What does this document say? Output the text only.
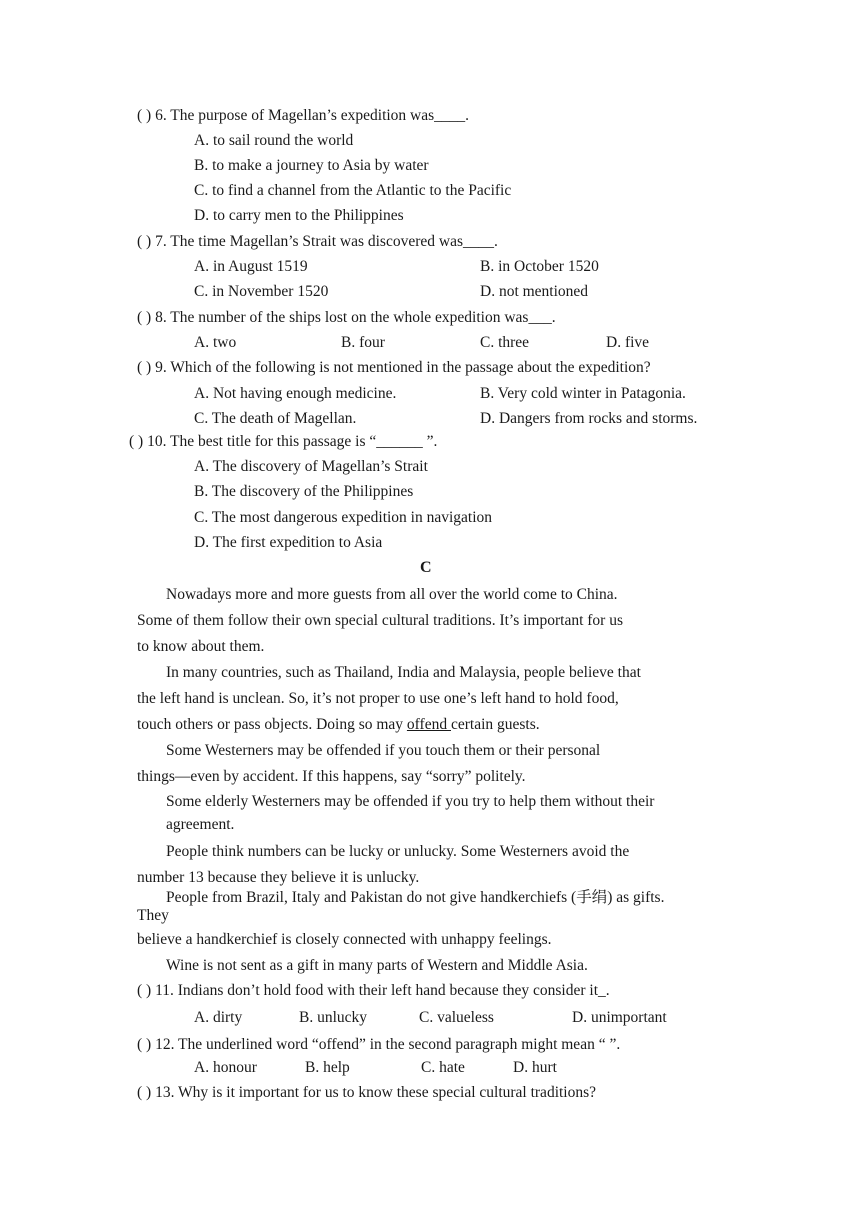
( ) 6. The purpose of Magellan’s expedition was____.
A. to sail round the world
B. to make a journey to Asia by water
C. to find a channel from the Atlantic to the Pacific
D. to carry men to the Philippines
( ) 7. The time Magellan’s Strait was discovered was____.
A. in August 1519	B. in October 1520
C. in November 1520	D. not mentioned
( ) 8. The number of the ships lost on the whole expedition was___.
A. two	B. four	C. three	D. five
( ) 9. Which of the following is not mentioned in the passage about the expedition?
A. Not having enough medicine.	B. Very cold winter in Patagonia.
C. The death of Magellan.	D. Dangers from rocks and storms.
( ) 10. The best title for this passage is “______ ”.
A. The discovery of Magellan’s Strait
B. The discovery of the Philippines
C. The most dangerous expedition in navigation
D. The first expedition to Asia
C
Nowadays more and more guests from all over the world come to China.
Some of them follow their own special cultural traditions. It’s important for us
to know about them.
In many countries, such as Thailand, India and Malaysia, people believe that
the left hand is unclean. So, it’s not proper to use one’s left hand to hold food,
touch others or pass objects. Doing so may offend certain guests.
Some Westerners may be offended if you touch them or their personal
things—even by accident. If this happens, say “sorry” politely.
Some elderly Westerners may be offended if you try to help them without their
agreement.
People think numbers can be lucky or unlucky. Some Westerners avoid the
number 13 because they believe it is unlucky.
People from Brazil, Italy and Pakistan do not give handkerchiefs (手绢) as gifts.
They
believe a handkerchief is closely connected with unhappy feelings.
Wine is not sent as a gift in many parts of Western and Middle Asia.
( ) 11. Indians don’t hold food with their left hand because they consider it_.
A. dirty	B. unlucky	C. valueless	D. unimportant
( ) 12. The underlined word “offend” in the second paragraph might mean “ ”.
A. honour	B. help	C. hate	D. hurt
( ) 13. Why is it important for us to know these special cultural traditions?
